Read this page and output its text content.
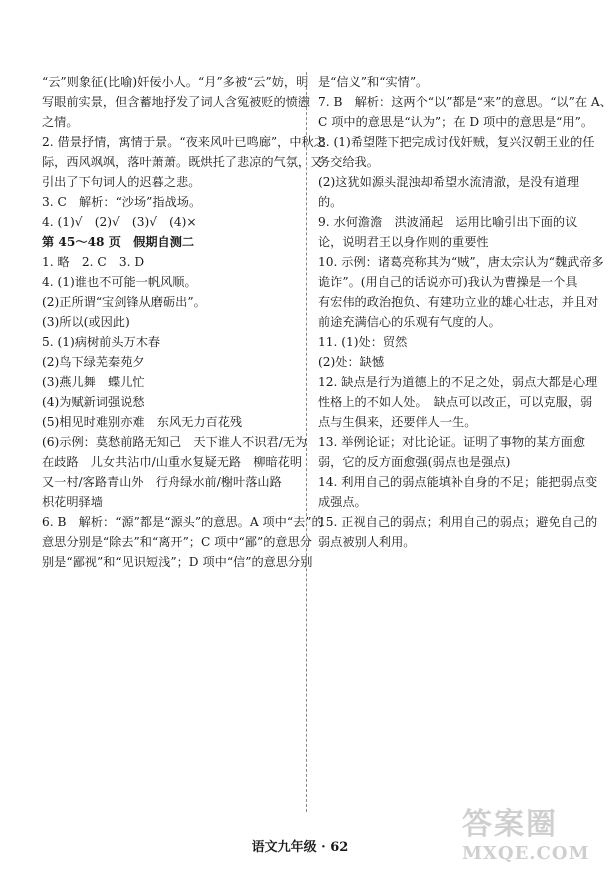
“云”则象征(比喻)奸佞小人。“月”多被“云”妨，明
写眼前实景，但含蓄地抒发了词人含冤被贬的愤懑
之情。
2. 借景抒情，寓情于景。“夜来风叶已鸣廊”，中秋之
际，西风飒飒，落叶萧萧。既烘托了悲凉的气氛，又
引出了下句词人的迟暮之悲。
3. C　解析：“沙场”指战场。
4. (1)√　(2)√　(3)√　(4)×
第 45～48 页　假期自测二
1. 略　2. C　3. D
4. (1)谁也不可能一帆风顺。
(2)正所谓“宝剑锋从磨砺出”。
(3)所以(或因此)
5. (1)病树前头万木春
(2)鸟下绿芜秦苑夕
(3)燕儿舞　蝶儿忙
(4)为赋新词强说愁
(5)相见时难别亦难　东风无力百花残
(6)示例：莫愁前路无知己　天下谁人不识君/无为
在歧路　儿女共沾巾/山重水复疑无路　柳暗花明
又一村/客路青山外　行舟绿水前/榭叶落山路
枳花明驿墙
6. B　解析：“源”都是“源头”的意思。A 项中“去”的
意思分别是“除去”和“离开”；C 项中“鄙”的意思分
别是“鄙视”和“见识短浅”；D 项中“信”的意思分别
是“信义”和“实情”。
7. B　解析：这两个“以”都是“来”的意思。“以”在 A、
C 项中的意思是“认为”；在 D 项中的意思是“用”。
8. (1)希望陛下把完成讨伐奸贼，复兴汉朝王业的任
务交给我。
(2)这犹如源头混浊却希望水流清澈，是没有道理
的。
9. 水何澹澹　洪波涌起　运用比喻引出下面的议
论，说明君王以身作则的重要性
10. 示例：诸葛亮称其为“贼”，唐太宗认为“魏武帝多
诡诈”。(用自己的话说亦可)我认为曹操是一个具
有宏伟的政治抱负、有建功立业的雄心壮志，并且对
前途充满信心的乐观有气度的人。
11. (1)处：贸然
(2)处：缺憾
12. 缺点是行为道德上的不足之处，弱点大都是心理
性格上的不如人处。　缺点可以改正，可以克服，弱
点与生俱来，还要伴人一生。
13. 举例论证；对比论证。证明了事物的某方面愈
弱，它的反方面愈强(弱点也是强点)
14. 利用自己的弱点能填补自身的不足；能把弱点变
成强点。
15. 正视自己的弱点；利用自己的弱点；避免自己的
弱点被别人利用。
语文九年级 · 62
答案圈
MXQE.COM
